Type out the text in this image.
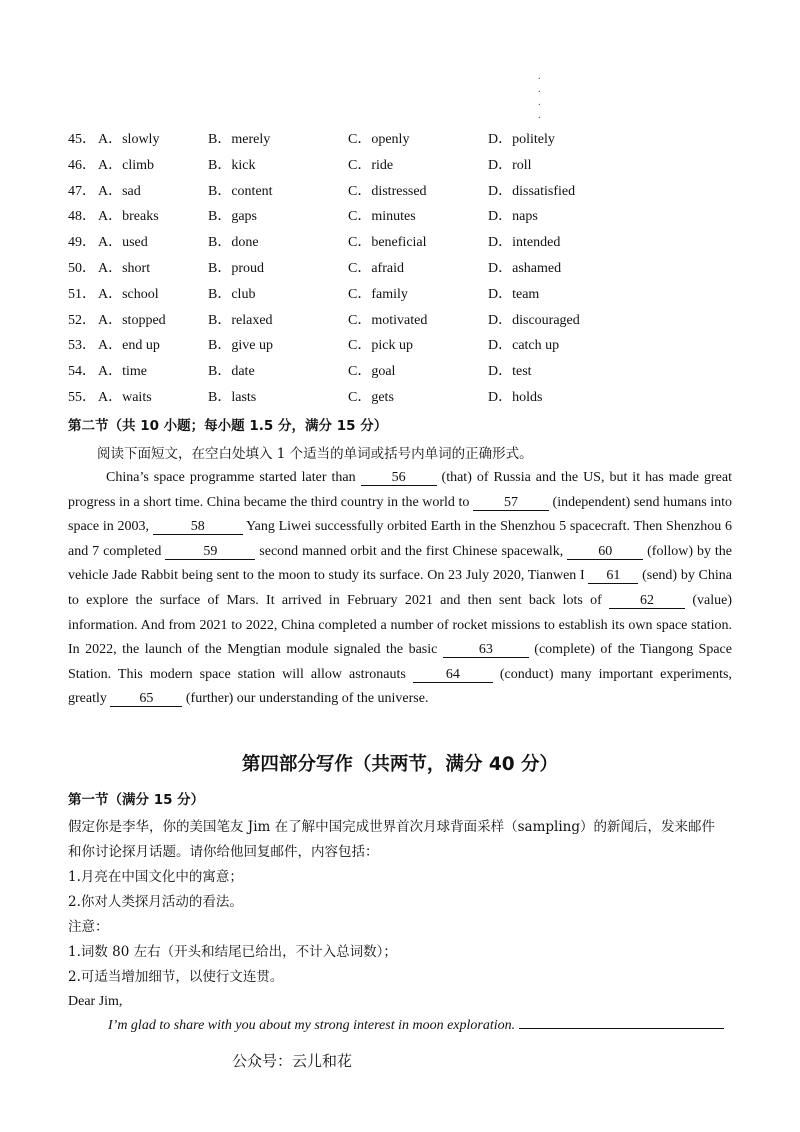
.
.
.
.
45． A．slowly	B．merely	C．openly	D．politely
46． A．climb	B．kick	C．ride	D．roll
47． A．sad	B．content	C．distressed	D．dissatisfied
48． A．breaks	B．gaps	C．minutes	D．naps
49． A．used	B．done	C．beneficial	D．intended
50． A．short	B．proud	C．afraid	D．ashamed
51． A．school	B．club	C．family	D．team
52． A．stopped	B．relaxed	C．motivated	D．discouraged
53． A．end up	B．give up	C．pick up	D．catch up
54． A．time	B．date	C．goal	D．test
55． A．waits	B．lasts	C．gets	D．holds
第二节（共 10 小题；每小题 1.5 分，满分 15 分）
阅读下面短文，在空白处填入 1 个适当的单词或括号内单词的正确形式。

China’s space programme started later than 56 (that) of Russia and the US, but it has made great progress in a short time. China became the third country in the world to 57 (independent) send humans into space in 2003,	58	Yang Liwei successfully orbited Earth in the Shenzhou 5 spacecraft. Then Shenzhou 6 and 7 completed	59	second manned orbit and the first Chinese spacewalk, 60 (follow) by the vehicle Jade Rabbit being sent to the moon to study its surface. On 23 July 2020, Tianwen I 61 (send) by China to explore the surface of Mars. It arrived in February 2021 and then sent back lots of 62 (value) information. And from 2021 to 2022, China completed a number of rocket missions to establish its own space station. In 2022, the launch of the Mengtian module signaled the basic	63	(complete) of the Tiangong Space Station. This modern space station will allow astronauts 64 (conduct) many important experiments, greatly 65 (further) our understanding of the universe.

第四部分写作（共两节，满分 40 分）
第一节（满分 15 分）
假定你是李华，你的美国笔友 Jim 在了解中国完成世界首次月球背面采样（sampling）的新闻后，发来邮件
和你讨论探月话题。请你给他回复邮件，内容包括：
1.月亮在中国文化中的寓意；
2.你对人类探月活动的看法。
注意：
1.词数 80 左右（开头和结尾已给出，不计入总词数）；
2.可适当增加细节，以使行文连贯。
Dear Jim,
I’m glad to share with you about my strong interest in moon exploration.
公众号：云儿和花
